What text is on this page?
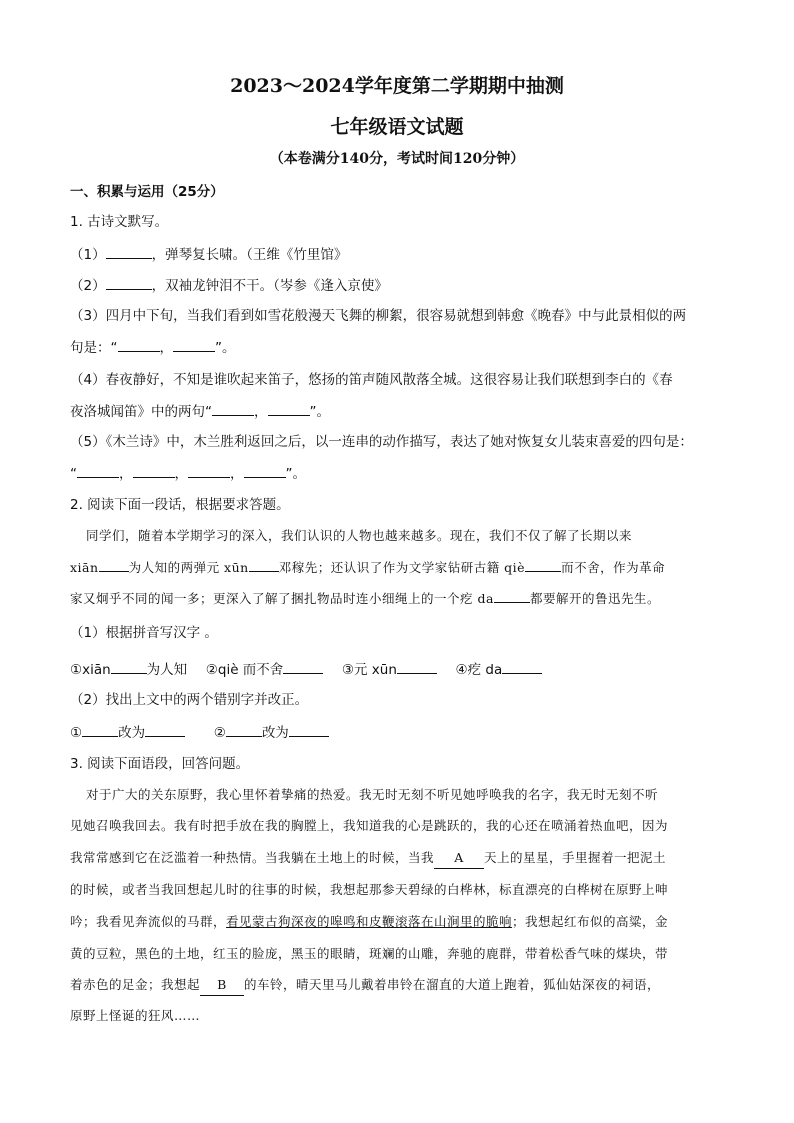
2023～2024学年度第二学期期中抽测
七年级语文试题
（本卷满分140分，考试时间120分钟）
一、积累与运用（25分）
1. 古诗文默写。
（1）	，弹琴复长啸。（王维《竹里馆》
（2）	，双袖龙钟泪不干。（岑参《逢入京使》
（3）四月中下旬，当我们看到如雪花般漫天飞舞的柳絮，很容易就想到韩愈《晚春》中与此景相似的两
句是：“	，	”。
（4）春夜静好，不知是谁吹起来笛子，悠扬的笛声随风散落全城。这很容易让我们联想到李白的《春
夜洛城闻笛》中的两句“	，	”。
（5）《木兰诗》中，木兰胜利返回之后，以一连串的动作描写，表达了她对恢复女儿装束喜爱的四句是：
“	，	，	，	”。
2. 阅读下面一段话，根据要求答题。
同学们，随着本学期学习的深入，我们认识的人物也越来越多。现在，我们不仅了解了长期以来
xiān 为人知的两弹元 xūn 邓稼先；还认识了作为文学家钻研古籍 qiè	而不舍，作为革命
家又炯乎不同的闻一多；更深入了解了捆扎物品时连小细绳上的一个疙 da	都要解开的鲁迅先生。
（1）根据拼音写汉字 。
①xiān	为人知 ②qiè 而不舍	③元 xūn	④疙 da
（2）找出上文中的两个错别字并改正。
①	改为	②	改为
3. 阅读下面语段，回答问题。
对于广大的关东原野，我心里怀着挚痛的热爱。我无时无刻不听见她呼唤我的名字，我无时无刻不听
见她召唤我回去。我有时把手放在我的胸膛上，我知道我的心是跳跃的，我的心还在喷涌着热血吧，因为
我常常感到它在泛滥着一种热情。当我躺在土地上的时候，当我 A 天上的星星，手里握着一把泥土
的时候，或者当我回想起儿时的往事的时候，我想起那参天碧绿的白桦林，标直漂亮的白桦树在原野上呻
吟；我看见奔流似的马群，看见蒙古狗深夜的嗥鸣和皮鞭滚落在山涧里的脆响；我想起红布似的高粱，金
黄的豆粒，黑色的土地，红玉的脸庞，黑玉的眼睛，斑斓的山雕，奔驰的鹿群，带着松香气味的煤块，带
着赤色的足金；我想起 B 的车铃，晴天里马儿戴着串铃在溜直的大道上跑着，狐仙姑深夜的祠语，
原野上怪诞的狂风……
